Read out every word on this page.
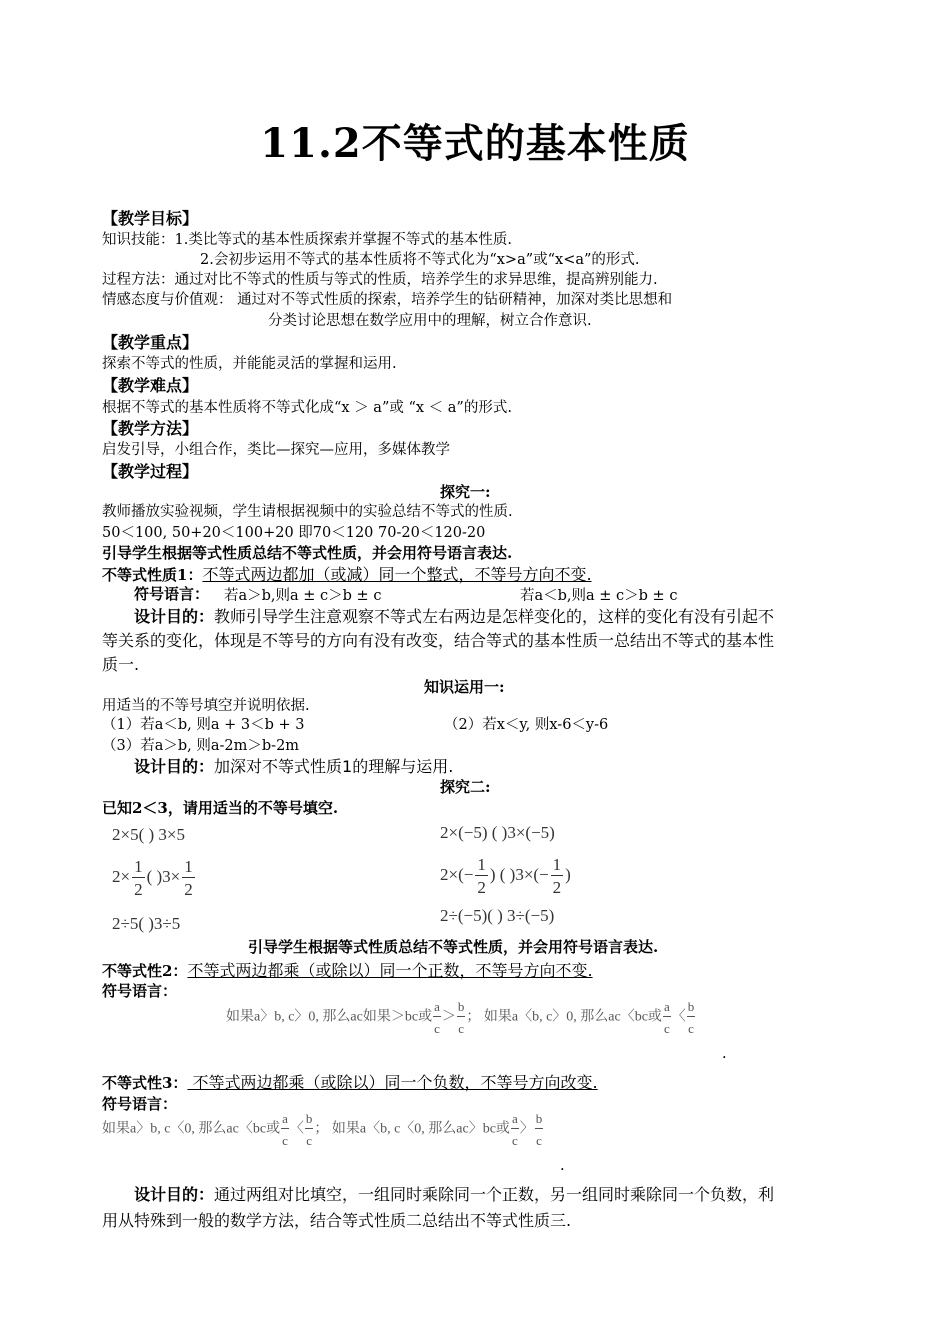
11.2不等式的基本性质
【教学目标】
知识技能：1.类比等式的基本性质探索并掌握不等式的基本性质.
2.会初步运用不等式的基本性质将不等式化为“x>a”或“x<a”的形式.
过程方法：通过对比不等式的性质与等式的性质，培养学生的求异思维，提高辨别能力.
情感态度与价值观： 通过对不等式性质的探索，培养学生的钻研精神，加深对类比思想和
分类讨论思想在数学应用中的理解，树立合作意识.
【教学重点】
探索不等式的性质，并能能灵活的掌握和运用.
【教学难点】
根据不等式的基本性质将不等式化成“x ＞ a”或 “x ＜ a”的形式.
【教学方法】
启发引导，小组合作，类比—探究—应用，多媒体教学
【教学过程】
探究一:
教师播放实验视频，学生请根据视频中的实验总结不等式的性质.
50＜100, 50+20＜100+20 即70＜120 70-20＜120-20
引导学生根据等式性质总结不等式性质，并会用符号语言表达.
不等式性质1：不等式两边都加（或减）同一个整式，不等号方向不变.
符号语言： 若a＞b,则a ± c＞b ± c	若a＜b,则a ± c＞b ± c
设计目的：教师引导学生注意观察不等式左右两边是怎样变化的，这样的变化有没有引起不
等关系的变化，体现是不等号的方向有没有改变，结合等式的基本性质一总结出不等式的基本性
质一.
知识运用一:
用适当的不等号填空并说明依据.
（1）若a＜b, 则a + 3＜b + 3	（2）若x＜y, 则x-6＜y-6
（3）若a＞b, 则a-2m＞b-2m
设计目的：加深对不等式性质1的理解与运用.
探究二:
已知2＜3，请用适当的不等号填空.
2×5( ) 3×5	2×(−5) ( )3×(−5)
$2\times \frac{1}{2}$ ( )$3\times \frac{1}{2}$	$2\times(- \frac{1}{2}$ ) ( )$3\times(- \frac{1}{2}$ )
2÷5( )3÷5	2÷(−5)( ) 3÷(−5)
引导学生根据等式性质总结不等式性质，并会用符号语言表达.
不等式性2：不等式两边都乘（或除以）同一个正数，不等号方向不变.
符号语言：
如果a〉b, c〉0, 那么ac如果＞bc或 $\frac{a}{c} > \frac{b}{c}$ ； 如果a〈b, c〉0, 那么ac〈bc或 $\frac{a}{c}$ 〈 $\frac{b}{c}$
.
不等式性3： 不等式两边都乘（或除以）同一个负数，不等号方向改变.
符号语言：
如果a〉b, c〈0, 那么ac〈bc或 $\frac{a}{c}$ 〈 $\frac{b}{c}$ ； 如果a〈b, c〈0, 那么ac〉bc或 $\frac{a}{c}$ 〉 $\frac{b}{c}$
.
设计目的：通过两组对比填空，一组同时乘除同一个正数，另一组同时乘除同一个负数，利
用从特殊到一般的数学方法，结合等式性质二总结出不等式性质三.
